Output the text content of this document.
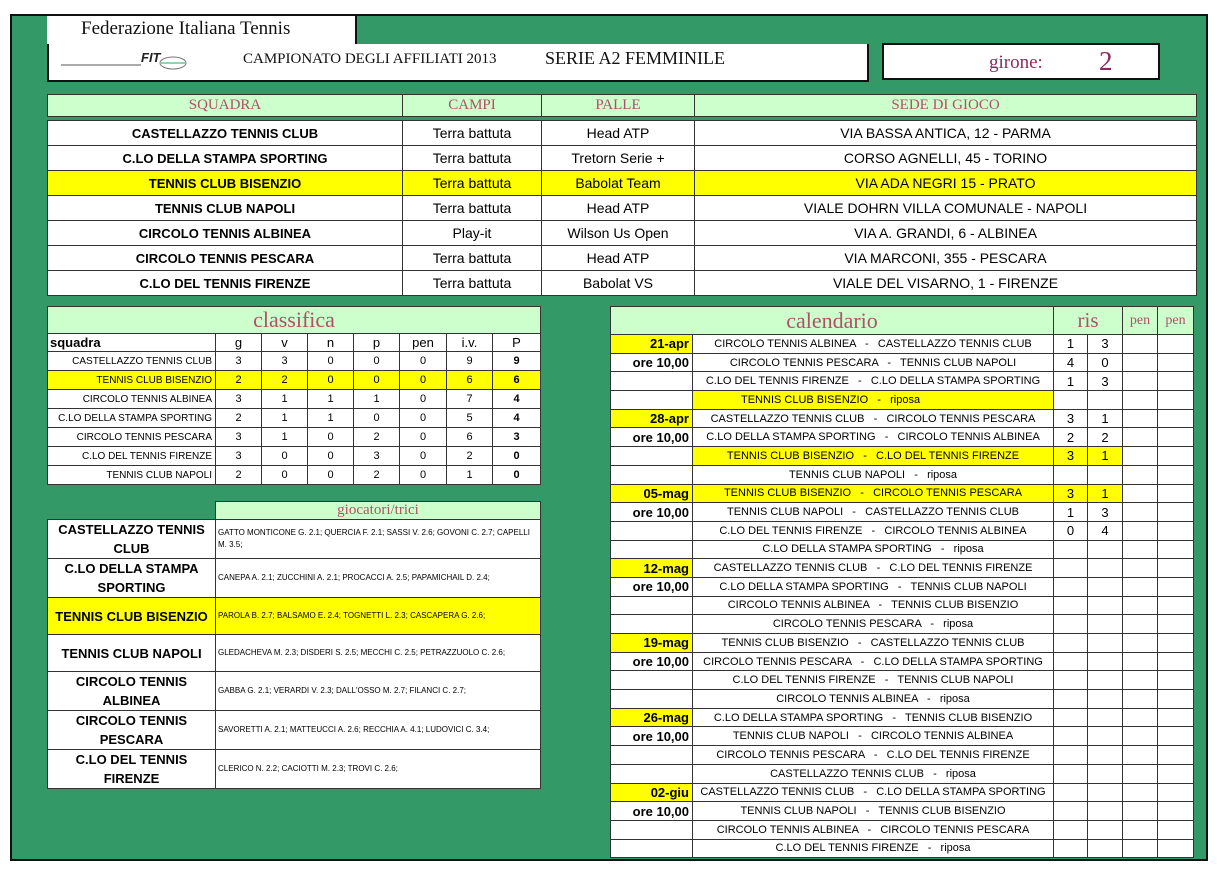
Federazione Italiana Tennis
FIT	CAMPIONATO DEGLI AFFILIATI 2013	SERIE A2 FEMMINILE	girone: 2
SQUADRA	CAMPI	PALLE	SEDE DI GIOCO
CASTELLAZZO TENNIS CLUB	Terra battuta	Head ATP	VIA BASSA ANTICA, 12 - PARMA
C.LO DELLA STAMPA SPORTING	Terra battuta	Tretorn Serie +	CORSO AGNELLI, 45 - TORINO
TENNIS CLUB BISENZIO	Terra battuta	Babolat Team	VIA ADA NEGRI 15 - PRATO
TENNIS CLUB NAPOLI	Terra battuta	Head ATP	VIALE DOHRN VILLA COMUNALE - NAPOLI
CIRCOLO TENNIS ALBINEA	Play-it	Wilson Us Open	VIA A. GRANDI, 6 - ALBINEA
CIRCOLO TENNIS PESCARA	Terra battuta	Head ATP	VIA MARCONI, 355 - PESCARA
C.LO DEL TENNIS FIRENZE	Terra battuta	Babolat VS	VIALE DEL VISARNO, 1 - FIRENZE
classifica							
squadra	g	v	n	p	pen	i.v.	P
CASTELLAZZO TENNIS CLUB	3	3	0	0	0	9	9
TENNIS CLUB BISENZIO	2	2	0	0	0	6	6
CIRCOLO TENNIS ALBINEA	3	1	1	1	0	7	4
C.LO DELLA STAMPA SPORTING	2	1	1	0	0	5	4
CIRCOLO TENNIS PESCARA	3	1	0	2	0	6	3
C.LO DEL TENNIS FIRENZE	3	0	0	3	0	2	0
TENNIS CLUB NAPOLI	2	0	0	2	0	1	0
	giocatori/trici
CASTELLAZZO TENNIS CLUB	GATTO MONTICONE G. 2.1; QUERCIA F. 2.1; SASSI V. 2.6; GOVONI C. 2.7; CAPELLI M. 3.5;
C.LO DELLA STAMPA SPORTING	CANEPA A. 2.1; ZUCCHINI A. 2.1; PROCACCI A. 2.5; PAPAMICHAIL D. 2.4;
TENNIS CLUB BISENZIO	PAROLA B. 2.7; BALSAMO E. 2.4; TOGNETTI L. 2.3; CASCAPERA G. 2.6;
TENNIS CLUB NAPOLI	GLEDACHEVA M. 2.3; DISDERI S. 2.5; MECCHI C. 2.5; PETRAZZUOLO C. 2.6;
CIRCOLO TENNIS ALBINEA	GABBA G. 2.1; VERARDI V. 2.3; DALL'OSSO M. 2.7; FILANCI C. 2.7;
CIRCOLO TENNIS PESCARA	SAVORETTI A. 2.1; MATTEUCCI A. 2.6; RECCHIA A. 4.1; LUDOVICI C. 3.4;
C.LO DEL TENNIS FIRENZE	CLERICO N. 2.2; CACIOTTI M. 2.3; TROVI C. 2.6;
calendario		ris		pen	pen
21-apr	CIRCOLO TENNIS ALBINEA   -   CASTELLAZZO TENNIS CLUB	1	3		
ore 10,00	CIRCOLO TENNIS PESCARA   -   TENNIS CLUB NAPOLI	4	0		
	C.LO DEL TENNIS FIRENZE   -   C.LO DELLA STAMPA SPORTING	1	3		
	TENNIS CLUB BISENZIO   -   riposa				
28-apr	CASTELLAZZO TENNIS CLUB   -   CIRCOLO TENNIS PESCARA	3	1		
ore 10,00	C.LO DELLA STAMPA SPORTING   -   CIRCOLO TENNIS ALBINEA	2	2		
	TENNIS CLUB BISENZIO   -   C.LO DEL TENNIS FIRENZE	3	1		
	TENNIS CLUB NAPOLI   -   riposa				
05-mag	TENNIS CLUB BISENZIO   -   CIRCOLO TENNIS PESCARA	3	1		
ore 10,00	TENNIS CLUB NAPOLI   -   CASTELLAZZO TENNIS CLUB	1	3		
	C.LO DEL TENNIS FIRENZE   -   CIRCOLO TENNIS ALBINEA	0	4		
	C.LO DELLA STAMPA SPORTING   -   riposa				
12-mag	CASTELLAZZO TENNIS CLUB   -   C.LO DEL TENNIS FIRENZE				
ore 10,00	C.LO DELLA STAMPA SPORTING   -   TENNIS CLUB NAPOLI				
	CIRCOLO TENNIS ALBINEA   -   TENNIS CLUB BISENZIO				
	CIRCOLO TENNIS PESCARA   -   riposa				
19-mag	TENNIS CLUB BISENZIO   -   CASTELLAZZO TENNIS CLUB				
ore 10,00	CIRCOLO TENNIS PESCARA   -   C.LO DELLA STAMPA SPORTING				
	C.LO DEL TENNIS FIRENZE   -   TENNIS CLUB NAPOLI				
	CIRCOLO TENNIS ALBINEA   -   riposa				
26-mag	C.LO DELLA STAMPA SPORTING   -   TENNIS CLUB BISENZIO				
ore 10,00	TENNIS CLUB NAPOLI   -   CIRCOLO TENNIS ALBINEA				
	CIRCOLO TENNIS PESCARA   -   C.LO DEL TENNIS FIRENZE				
	CASTELLAZZO TENNIS CLUB   -   riposa				
02-giu	CASTELLAZZO TENNIS CLUB   -   C.LO DELLA STAMPA SPORTING				
ore 10,00	TENNIS CLUB NAPOLI   -   TENNIS CLUB BISENZIO				
	CIRCOLO TENNIS ALBINEA   -   CIRCOLO TENNIS PESCARA				
	C.LO DEL TENNIS FIRENZE   -   riposa				
